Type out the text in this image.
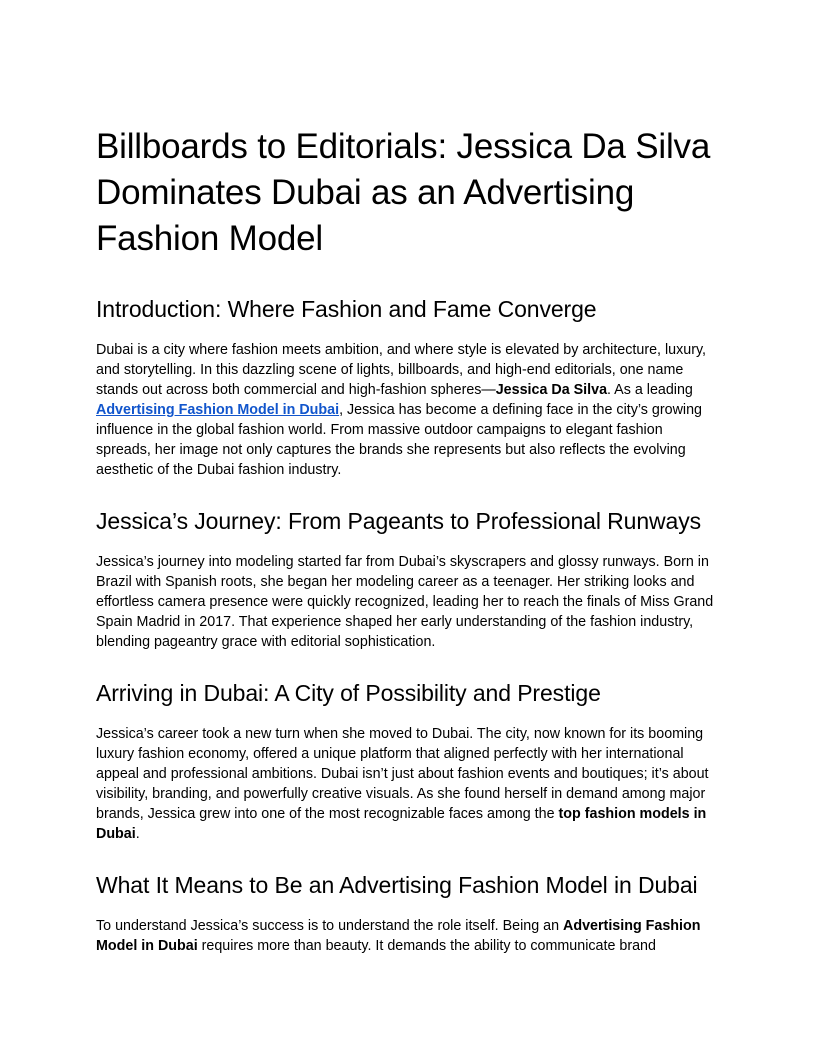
Billboards to Editorials: Jessica Da Silva Dominates Dubai as an Advertising Fashion Model
Introduction: Where Fashion and Fame Converge

Dubai is a city where fashion meets ambition, and where style is elevated by architecture, luxury, and storytelling. In this dazzling scene of lights, billboards, and high-end editorials, one name stands out across both commercial and high-fashion spheres—Jessica Da Silva. As a leading Advertising Fashion Model in Dubai, Jessica has become a defining face in the city’s growing influence in the global fashion world. From massive outdoor campaigns to elegant fashion spreads, her image not only captures the brands she represents but also reflects the evolving aesthetic of the Dubai fashion industry.

Jessica’s Journey: From Pageants to Professional Runways

Jessica’s journey into modeling started far from Dubai’s skyscrapers and glossy runways. Born in Brazil with Spanish roots, she began her modeling career as a teenager. Her striking looks and effortless camera presence were quickly recognized, leading her to reach the finals of Miss Grand Spain Madrid in 2017. That experience shaped her early understanding of the fashion industry, blending pageantry grace with editorial sophistication.

Arriving in Dubai: A City of Possibility and Prestige

Jessica’s career took a new turn when she moved to Dubai. The city, now known for its booming luxury fashion economy, offered a unique platform that aligned perfectly with her international appeal and professional ambitions. Dubai isn’t just about fashion events and boutiques; it’s about visibility, branding, and powerfully creative visuals. As she found herself in demand among major brands, Jessica grew into one of the most recognizable faces among the top fashion models in Dubai.

What It Means to Be an Advertising Fashion Model in Dubai

To understand Jessica’s success is to understand the role itself. Being an Advertising Fashion Model in Dubai requires more than beauty. It demands the ability to communicate brand
